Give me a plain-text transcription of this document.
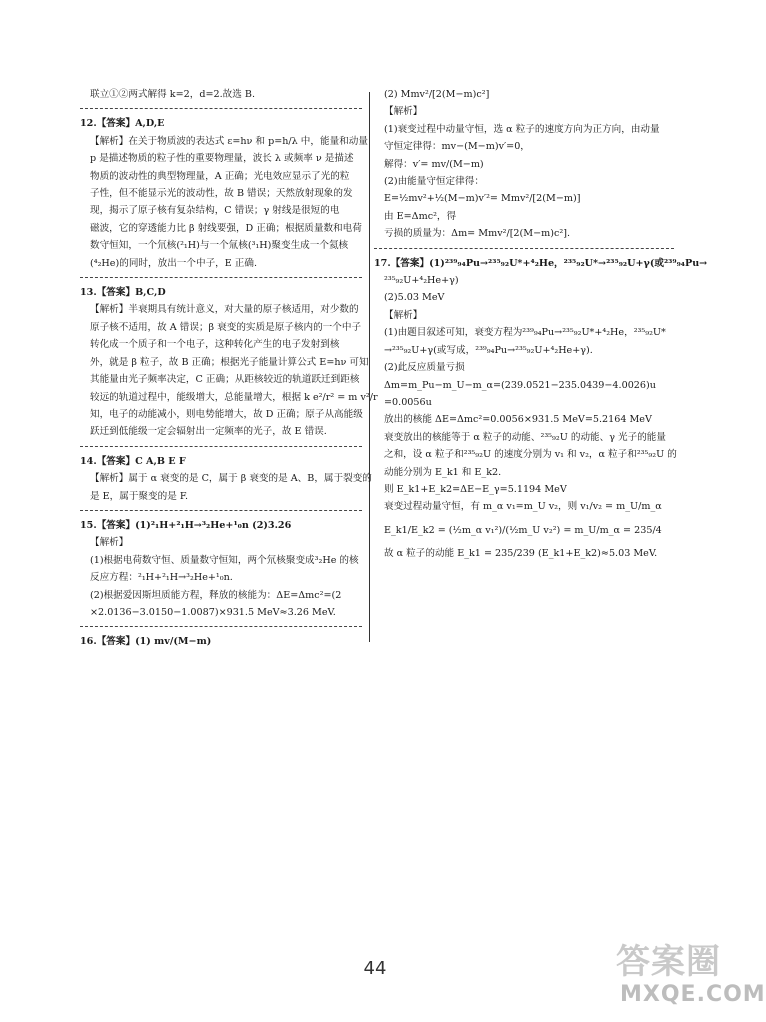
联立①②两式解得 k=2，d=2.故选 B.
12.【答案】A,D,E
【解析】在关于物质波的表达式 ε=hν 和 p=h/λ 中，能量和动量
p 是描述物质的粒子性的重要物理量，波长 λ 或频率 ν 是描述
物质的波动性的典型物理量，A 正确；光电效应显示了光的粒
子性，但不能显示光的波动性，故 B 错误；天然放射现象的发
现，揭示了原子核有复杂结构，C 错误；γ 射线是很短的电
磁波，它的穿透能力比 β 射线要强，D 正确；根据质量数和电荷
数守恒知，一个氘核(²₁H)与一个氚核(³₁H)聚变生成一个氦核
(⁴₂He)的同时，放出一个中子，E 正确.
13.【答案】B,C,D
【解析】半衰期具有统计意义，对大量的原子核适用，对少数的
原子核不适用，故 A 错误；β 衰变的实质是原子核内的一个中子
转化成一个质子和一个电子，这种转化产生的电子发射到核
外，就是 β 粒子，故 B 正确；根据光子能量计算公式 E=hν 可知
其能量由光子频率决定，C 正确；从距核较近的轨道跃迁到距核
较远的轨道过程中，能级增大，总能量增大，根据 k e²/r² = m v²/r
知，电子的动能减小，则电势能增大，故 D 正确；原子从高能级
跃迁到低能级一定会辐射出一定频率的光子，故 E 错误.
14.【答案】C A,B E F
【解析】属于 α 衰变的是 C，属于 β 衰变的是 A、B，属于裂变的
是 E，属于聚变的是 F.
15.【答案】(1)²₁H+²₁H→³₂He+¹₀n (2)3.26
【解析】
(1)根据电荷数守恒、质量数守恒知，两个氘核聚变成³₂He 的核
反应方程：²₁H+²₁H→³₂He+¹₀n.
(2)根据爱因斯坦质能方程，释放的核能为：ΔE=Δmc²=(2
×2.0136−3.0150−1.0087)×931.5 MeV≈3.26 MeV.
16.【答案】(1) mv/(M−m)
(2) Mmv²/[2(M−m)c²]
【解析】
(1)衰变过程中动量守恒，选 α 粒子的速度方向为正方向，由动量
守恒定律得：mv−(M−m)v′=0，
解得：v′= mv/(M−m)
(2)由能量守恒定律得：
E=½mv²+½(M−m)v′²= Mmv²/[2(M−m)]
由 E=Δmc²，得
亏损的质量为：Δm= Mmv²/[2(M−m)c²].
17.【答案】(1)²³⁹₉₄Pu→²³⁵₉₂U*+⁴₂He，²³⁵₉₂U*→²³⁵₉₂U+γ(或²³⁹₉₄Pu→
²³⁵₉₂U+⁴₂He+γ)
(2)5.03 MeV
【解析】
(1)由题目叙述可知，衰变方程为²³⁹₉₄Pu→²³⁵₉₂U*+⁴₂He，²³⁵₉₂U*
→²³⁵₉₂U+γ(或写成，²³⁹₉₄Pu→²³⁵₉₂U+⁴₂He+γ).
(2)此反应质量亏损
Δm=m_Pu−m_U−m_α=(239.0521−235.0439−4.0026)u
=0.0056u
放出的核能 ΔE=Δmc²=0.0056×931.5 MeV=5.2164 MeV
衰变放出的核能等于 α 粒子的动能、²³⁵₉₂U 的动能、γ 光子的能量
之和，设 α 粒子和²³⁵₉₂U 的速度分别为 v₁ 和 v₂，α 粒子和²³⁵₉₂U 的
动能分别为 E_k1 和 E_k2.
则 E_k1+E_k2=ΔE−E_γ=5.1194 MeV
衰变过程动量守恒，有 m_α v₁=m_U v₂，则 v₁/v₂ = m_U/m_α
E_k1/E_k2 = (½m_α v₁²)/(½m_U v₂²) = m_U/m_α = 235/4
故 α 粒子的动能 E_k1 = 235/239 (E_k1+E_k2)≈5.03 MeV.
44	答案圈
MXQE.COM
